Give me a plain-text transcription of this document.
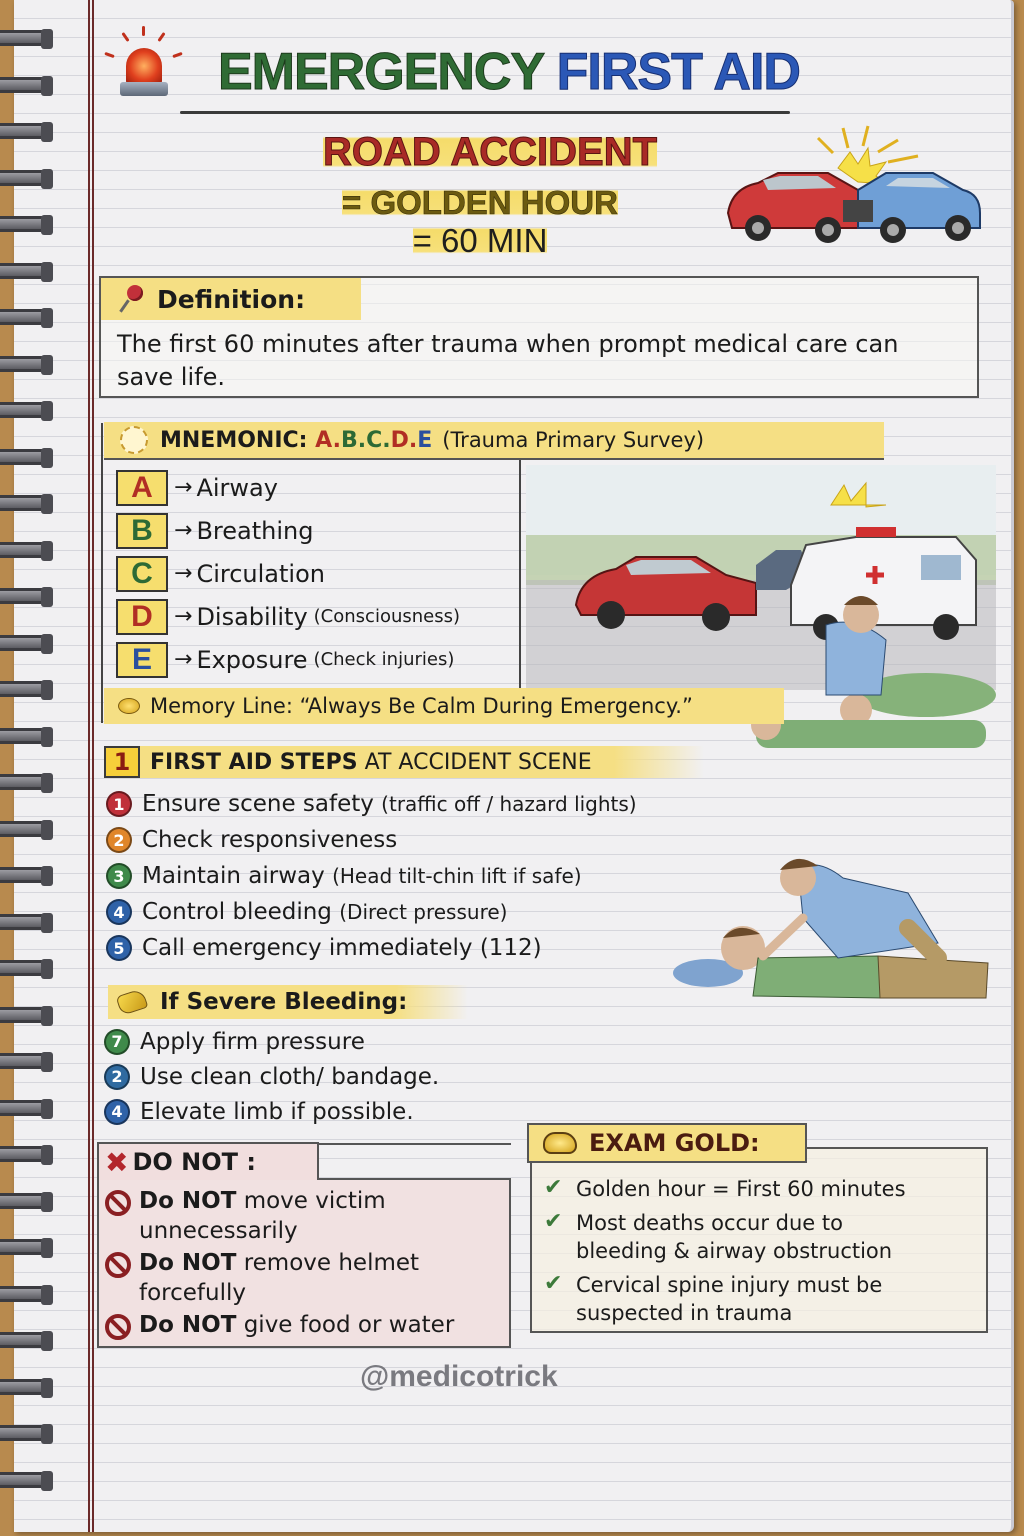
EMERGENCY FIRST AID
ROAD ACCIDENT
= GOLDEN HOUR
= 60 MIN
Definition:
The first 60 minutes after trauma when prompt medical care can save life.
MNEMONIC: A.B.C.D.E (Trauma Primary Survey)
A → Airway
B → Breathing
C → Circulation
D → Disability (Consciousness)
E	→ Exposure (Check injuries)
Memory Line: “Always Be Calm During Emergency.”
1 FIRST AID STEPS AT ACCIDENT SCENE
1 Ensure scene safety (traffic off / hazard lights)
2 Check responsiveness
3 Maintain airway (Head tilt-chin lift if safe)
4 Control bleeding (Direct pressure)
5 Call emergency immediately (112)
If Severe Bleeding:
7 Apply firm pressure
2 Use clean cloth/ bandage.
4 Elevate limb if possible.
Do NOT move victim
unnecessarily
Do NOT remove helmet
forcefully
Do NOT give food or water
✖ DO NOT :
✔ Golden hour = First 60 minutes
✔ Most deaths occur due to
bleeding & airway obstruction
✔ Cervical spine injury must be
suspected in trauma
EXAM GOLD:
@medicotrick
